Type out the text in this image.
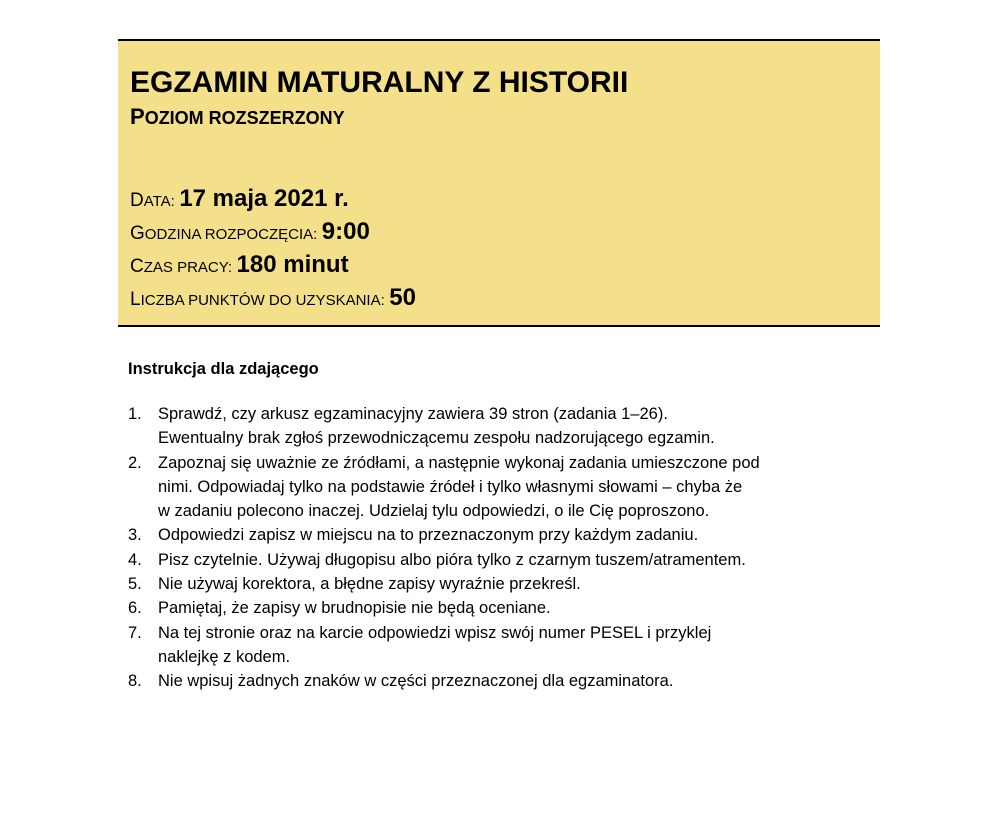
EGZAMIN MATURALNY Z HISTORII
POZIOM ROZSZERZONY
DATA: 17 maja 2021 r.
GODZINA ROZPOCZĘCIA: 9:00
CZAS PRACY: 180 minut
LICZBA PUNKTÓW DO UZYSKANIA: 50
Instrukcja dla zdającego
1. Sprawdź, czy arkusz egzaminacyjny zawiera 39 stron (zadania 1–26).
Ewentualny brak zgłoś przewodniczącemu zespołu nadzorującego egzamin.
2. Zapoznaj się uważnie ze źródłami, a następnie wykonaj zadania umieszczone pod
nimi. Odpowiadaj tylko na podstawie źródeł i tylko własnymi słowami – chyba że
w zadaniu polecono inaczej. Udzielaj tylu odpowiedzi, o ile Cię poproszono.
3. Odpowiedzi zapisz w miejscu na to przeznaczonym przy każdym zadaniu.
4. Pisz czytelnie. Używaj długopisu albo pióra tylko z czarnym tuszem/atramentem.
5. Nie używaj korektora, a błędne zapisy wyraźnie przekreśl.
6. Pamiętaj, że zapisy w brudnopisie nie będą oceniane.
7. Na tej stronie oraz na karcie odpowiedzi wpisz swój numer PESEL i przyklej
naklejkę z kodem.
8. Nie wpisuj żadnych znaków w części przeznaczonej dla egzaminatora.
